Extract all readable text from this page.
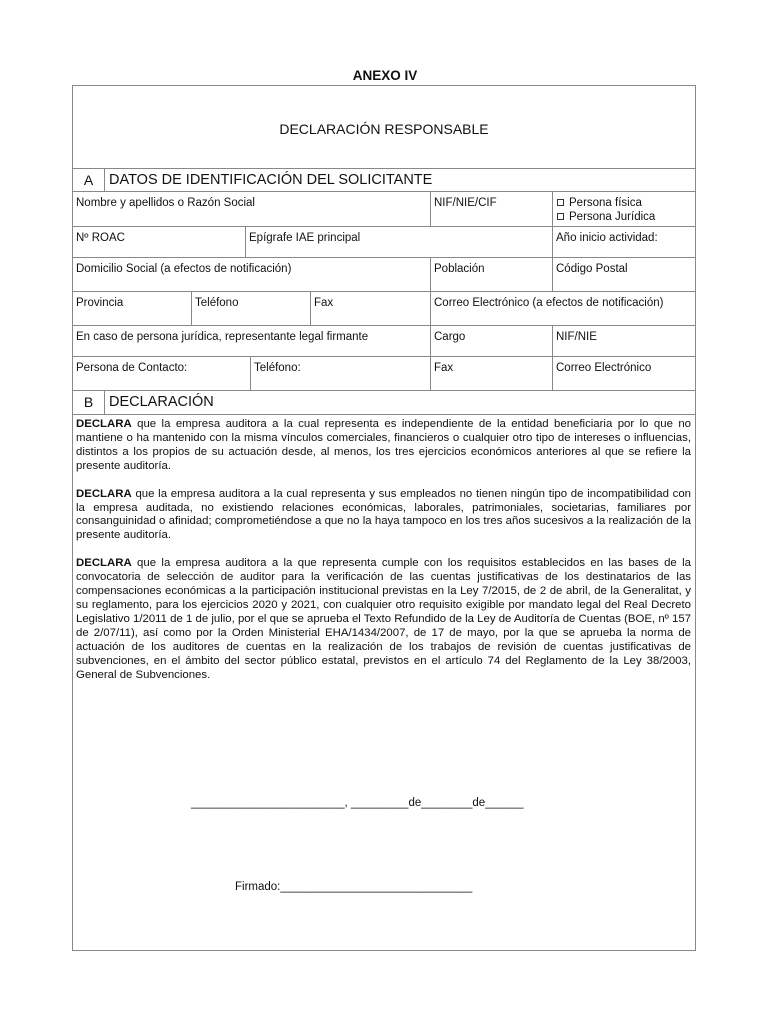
ANEXO IV
DECLARACIÓN RESPONSABLE
A	DATOS DE IDENTIFICACIÓN DEL SOLICITANTE
Nombre y apellidos o Razón Social	NIF/NIE/CIF	Persona física
Persona Jurídica
Nº ROAC	Epígrafe IAE principal	Año inicio actividad:
Domicilio Social (a efectos de notificación)	Población	Código Postal
Provincia	Teléfono	Fax	Correo Electrónico (a efectos de notificación)
En caso de persona jurídica, representante legal firmante	Cargo	NIF/NIE
Persona de Contacto:	Teléfono:	Fax	Correo Electrónico
B	DECLARACIÓN

DECLARA que la empresa auditora a la cual representa es independiente de la entidad beneficiaria por lo que no mantiene o ha mantenido con la misma vínculos comerciales, financieros o cualquier otro tipo de intereses o influencias, distintos a los propios de su actuación desde, al menos, los tres ejercicios económicos anteriores al que se refiere la presente auditoría.

DECLARA que la empresa auditora a la cual representa y sus empleados no tienen ningún tipo de incompatibilidad con la empresa auditada, no existiendo relaciones económicas, laborales, patrimoniales, societarias, familiares por consanguinidad o afinidad; comprometiéndose a que no la haya tampoco en los tres años sucesivos a la realización de la presente auditoría.

DECLARA que la empresa auditora a la que representa cumple con los requisitos establecidos en las bases de la convocatoria de selección de auditor para la verificación de las cuentas justificativas de los destinatarios de las compensaciones económicas a la participación institucional previstas en la Ley 7/2015, de 2 de abril, de la Generalitat, y su reglamento, para los ejercicios 2020 y 2021, con cualquier otro requisito exigible por mandato legal del Real Decreto Legislativo 1/2011 de 1 de julio, por el que se aprueba el Texto Refundido de la Ley de Auditoría de Cuentas (BOE, nº 157 de 2/07/11), así como por la Orden Ministerial EHA/1434/2007, de 17 de mayo, por la que se aprueba la norma de actuación de los auditores de cuentas en la realización de los trabajos de revisión de cuentas justificativas de subvenciones, en el ámbito del sector público estatal, previstos en el artículo 74 del Reglamento de la Ley 38/2003, General de Subvenciones.

________________________, _________de________de______
Firmado:______________________________
